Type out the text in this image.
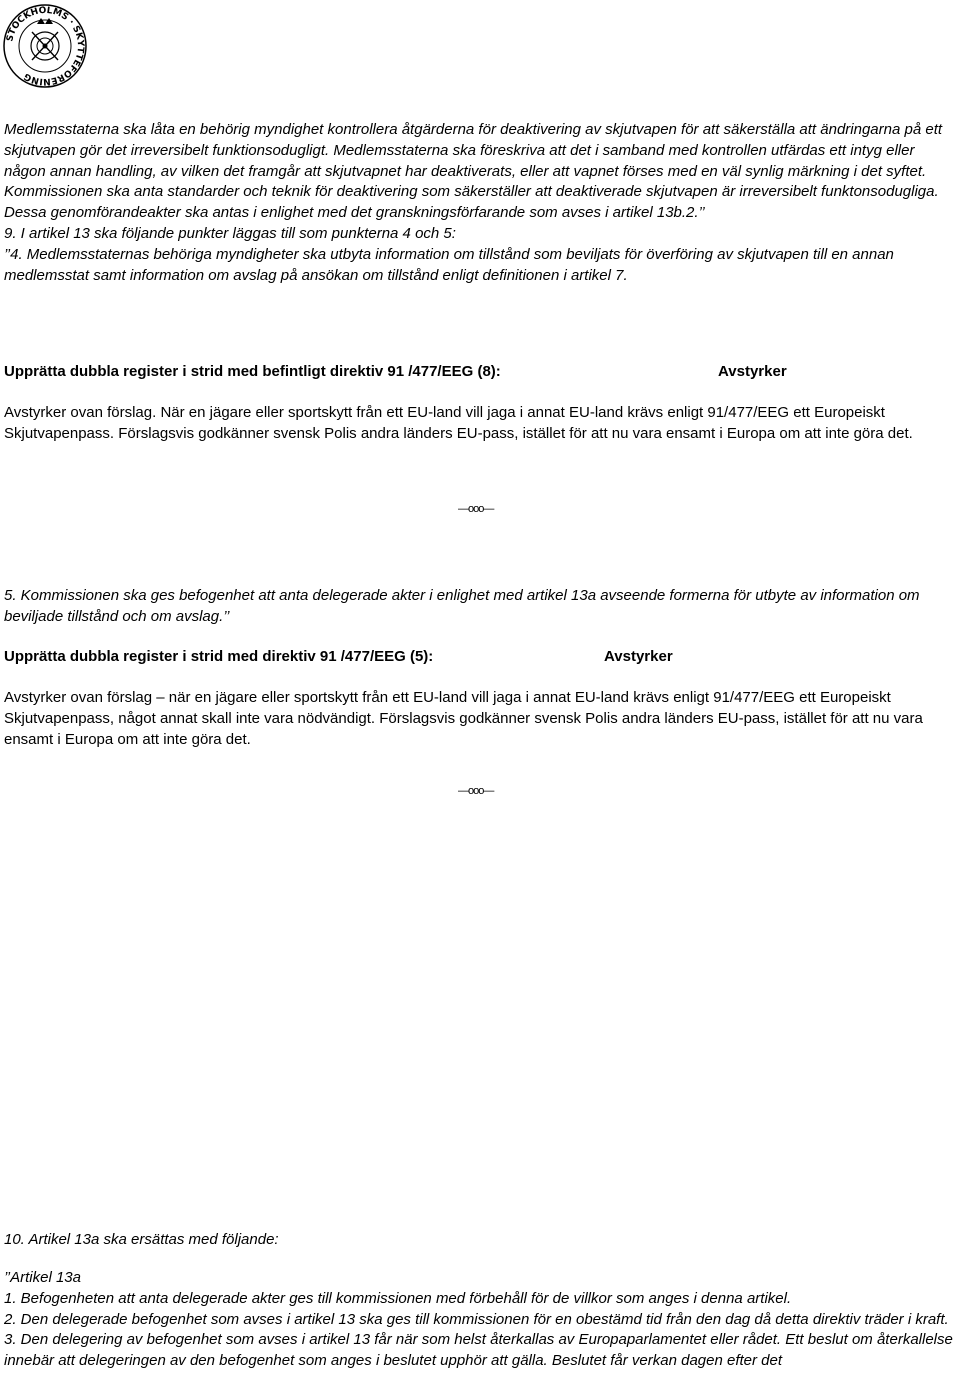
STOCKHOLMS · SKYTTEFÖRENING

Medlemsstaterna ska låta en behörig myndighet kontrollera åtgärderna för deaktivering av skjutvapen för att säkerställa att ändringarna på ett skjutvapen gör det irreversibelt funktionsodugligt. Medlemsstaterna ska föreskriva att det i samband med kontrollen utfärdas ett intyg eller någon annan handling, av vilken det framgår att skjutvapnet har deaktiverats, eller att vapnet förses med en väl synlig märkning i det syftet.

Kommissionen ska anta standarder och teknik för deaktivering som säkerställer att deaktiverade skjutvapen är irreversibelt funktonsodugliga. Dessa genomförandeakter ska antas i enlighet med det granskningsförfarande som avses i artikel 13b.2.’’

9. I artikel 13 ska följande punkter läggas till som punkterna 4 och 5:

’’4. Medlemsstaternas behöriga myndigheter ska utbyta information om tillstånd som beviljats för överföring av skjutvapen till en annan medlemsstat samt information om avslag på ansökan om tillstånd enligt definitionen i artikel 7.

Upprätta dubbla register i strid med befintligt direktiv 91 /477/EEG (8):	Avstyrker
Avstyrker ovan förslag. När en jägare eller sportskytt från ett EU-land vill jaga i annat EU-land krävs enligt 91/477/EEG ett Europeiskt Skjutvapenpass. Förslagsvis godkänner svensk Polis andra länders EU-pass, istället för att nu vara ensamt i Europa om att inte göra det.
—ooo—
5. Kommissionen ska ges befogenhet att anta delegerade akter i enlighet med artikel 13a avseende formerna för utbyte av information om beviljade tillstånd och om avslag.’’
Upprätta dubbla register i strid med direktiv 91 /477/EEG (5):	Avstyrker
Avstyrker ovan förslag – när en jägare eller sportskytt från ett EU-land vill jaga i annat EU-land krävs enligt 91/477/EEG ett Europeiskt Skjutvapenpass, något annat skall inte vara nödvändigt. Förslagsvis godkänner svensk Polis andra länders EU-pass, istället för att nu vara ensamt i Europa om att inte göra det.
—ooo—
10. Artikel 13a ska ersättas med följande:

’’Artikel 13a

1. Befogenheten att anta delegerade akter ges till kommissionen med förbehåll för de villkor som anges i denna artikel.

2. Den delegerade befogenhet som avses i artikel 13 ska ges till kommissionen för en obestämd tid från den dag då detta direktiv träder i kraft.

3. Den delegering av befogenhet som avses i artikel 13 får när som helst återkallas av Europaparlamentet eller rådet. Ett beslut om återkallelse innebär att delegeringen av den befogenhet som anges i beslutet upphör att gälla. Beslutet får verkan dagen efter det
